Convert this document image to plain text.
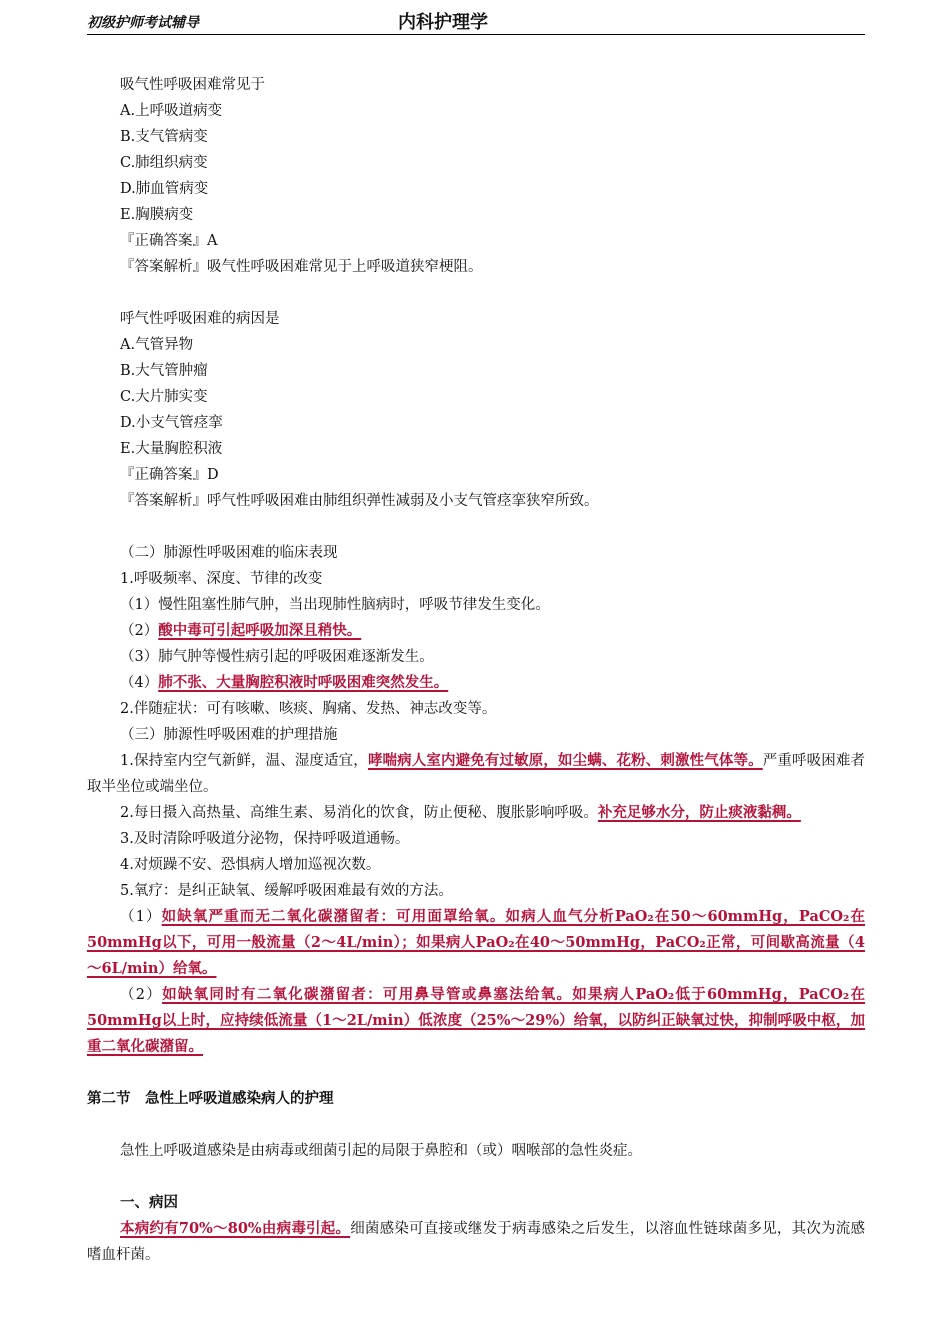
初级护师考试辅导	内科护理学
吸气性呼吸困难常见于
A.上呼吸道病变
B.支气管病变
C.肺组织病变
D.肺血管病变
E.胸膜病变
『正确答案』A
『答案解析』吸气性呼吸困难常见于上呼吸道狭窄梗阻。
呼气性呼吸困难的病因是
A.气管异物
B.大气管肿瘤
C.大片肺实变
D.小支气管痉挛
E.大量胸腔积液
『正确答案』D
『答案解析』呼气性呼吸困难由肺组织弹性减弱及小支气管痉挛狭窄所致。
（二）肺源性呼吸困难的临床表现
1.呼吸频率、深度、节律的改变
（1）慢性阻塞性肺气肿，当出现肺性脑病时，呼吸节律发生变化。
（2）酸中毒可引起呼吸加深且稍快。
（3）肺气肿等慢性病引起的呼吸困难逐渐发生。
（4）肺不张、大量胸腔积液时呼吸困难突然发生。
2.伴随症状：可有咳嗽、咳痰、胸痛、发热、神志改变等。
（三）肺源性呼吸困难的护理措施
1.保持室内空气新鲜，温、湿度适宜，哮喘病人室内避免有过敏原，如尘螨、花粉、刺激性气体等。严重呼吸困难者取半坐位或端坐位。
2.每日摄入高热量、高维生素、易消化的饮食，防止便秘、腹胀影响呼吸。补充足够水分，防止痰液黏稠。
3.及时清除呼吸道分泌物，保持呼吸道通畅。
4.对烦躁不安、恐惧病人增加巡视次数。
5.氧疗：是纠正缺氧、缓解呼吸困难最有效的方法。
（1）如缺氧严重而无二氧化碳潴留者：可用面罩给氧。如病人血气分析PaO₂在50～60mmHg，PaCO₂在50mmHg以下，可用一般流量（2～4L/min）；如果病人PaO₂在40～50mmHg，PaCO₂正常，可间歇高流量（4～6L/min）给氧。
（2）如缺氧同时有二氧化碳潴留者：可用鼻导管或鼻塞法给氧。如果病人PaO₂低于60mmHg，PaCO₂在50mmHg以上时，应持续低流量（1～2L/min）低浓度（25%～29%）给氧，以防纠正缺氧过快，抑制呼吸中枢，加重二氧化碳潴留。
第二节　急性上呼吸道感染病人的护理
急性上呼吸道感染是由病毒或细菌引起的局限于鼻腔和（或）咽喉部的急性炎症。
一、病因
本病约有70%～80%由病毒引起。细菌感染可直接或继发于病毒感染之后发生，以溶血性链球菌多见，其次为流感嗜血杆菌。
